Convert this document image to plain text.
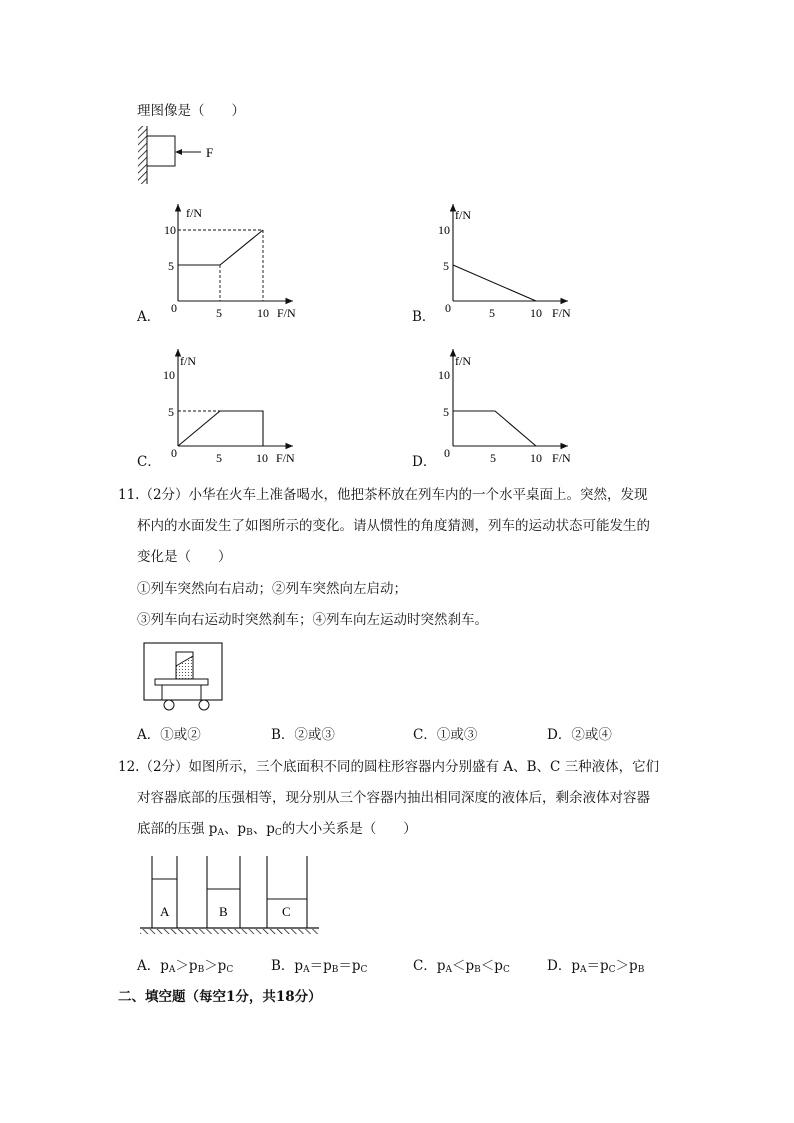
理图像是（　　）
F
A．
f/N
F/N
0	5	10
10
5
B．
f/N
F/N
0	5	10
10
5
C．
f/N
F/N
0	5	10
10
5
D．
f/N
F/N
0	5	10
10
5
11.（2分）小华在火车上准备喝水，他把茶杯放在列车内的一个水平桌面上。突然，发现
杯内的水面发生了如图所示的变化。请从惯性的角度猜测，列车的运动状态可能发生的
变化是（　　）
①列车突然向右启动；②列车突然向左启动；
③列车向右运动时突然刹车；④列车向左运动时突然刹车。
A．①或②	B．②或③	C．①或③	D．②或④
12.（2分）如图所示，三个底面积不同的圆柱形容器内分别盛有 A、B、C 三种液体，它们
对容器底部的压强相等，现分别从三个容器内抽出相同深度的液体后，剩余液体对容器
底部的压强 $p_A$、$p_B$、$p_C$的大小关系是（　　）
A	B	C
A．$p_A>p_B>p_C$	B．$p_A=p_B=p_C$	C．$p_A<p_B<p_C$	D．$p_A=p_C>p_B$
二、填空题（每空1分，共18分）
